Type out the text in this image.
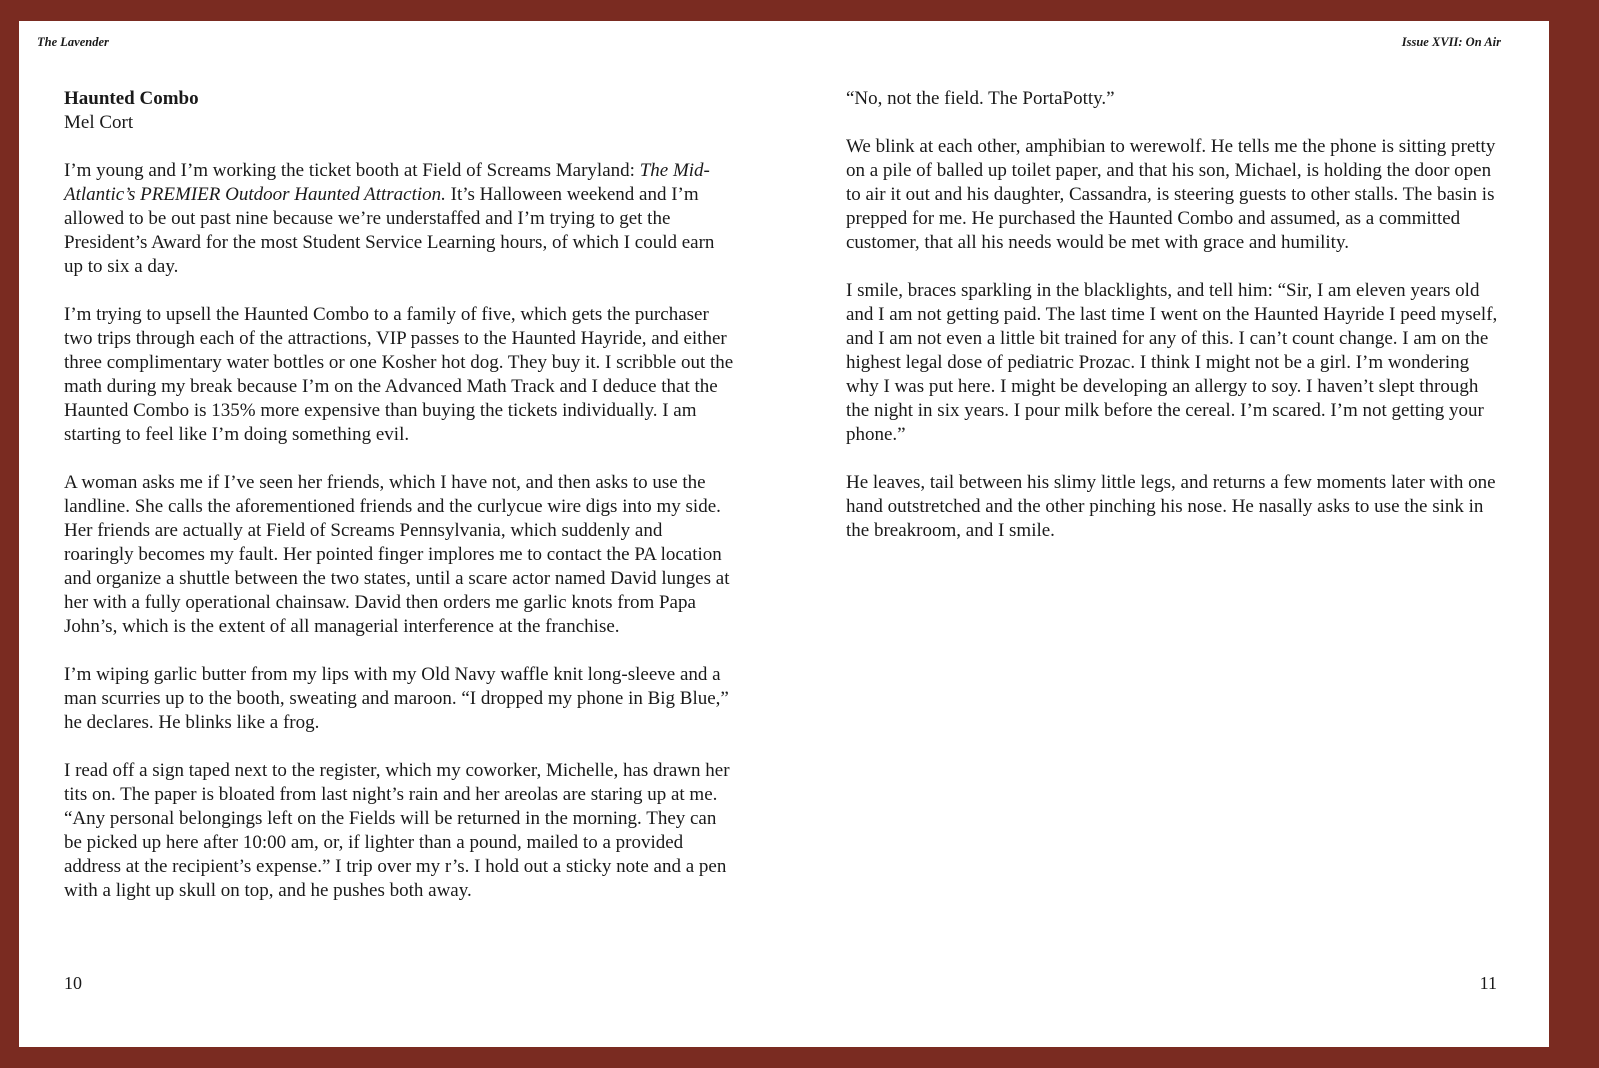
The Lavender	Issue XVII: On Air

Haunted Combo

Mel Cort

I’m young and I’m working the ticket booth at Field of Screams Maryland: The Mid-Atlantic’s PREMIER Outdoor Haunted Attraction. It’s Halloween weekend and I’m allowed to be out past nine because we’re understaffed and I’m trying to get the President’s Award for the most Student Service Learning hours, of which I could earn up to six a day.

I’m trying to upsell the Haunted Combo to a family of five, which gets the purchaser two trips through each of the attractions, VIP passes to the Haunted Hayride, and either three complimentary water bottles or one Kosher hot dog. They buy it. I scribble out the math during my break because I’m on the Advanced Math Track and I deduce that the Haunted Combo is 135% more expensive than buying the tickets individually. I am starting to feel like I’m doing something evil.

A woman asks me if I’ve seen her friends, which I have not, and then asks to use the landline. She calls the aforementioned friends and the curlycue wire digs into my side. Her friends are actually at Field of Screams Pennsylvania, which suddenly and roaringly becomes my fault. Her pointed finger implores me to contact the PA location and organize a shuttle between the two states, until a scare actor named David lunges at her with a fully operational chainsaw. David then orders me garlic knots from Papa John’s, which is the extent of all managerial interference at the franchise.

I’m wiping garlic butter from my lips with my Old Navy waffle knit long-sleeve and a man scurries up to the booth, sweating and maroon. “I dropped my phone in Big Blue,” he declares. He blinks like a frog.

I read off a sign taped next to the register, which my coworker, Michelle, has drawn her tits on. The paper is bloated from last night’s rain and her areolas are staring up at me. “Any personal belongings left on the Fields will be returned in the morning. They can be picked up here after 10:00 am, or, if lighter than a pound, mailed to a provided address at the recipient’s expense.” I trip over my r’s. I hold out a sticky note and a pen with a light up skull on top, and he pushes both away.

“No, not the field. The PortaPotty.”

We blink at each other, amphibian to werewolf. He tells me the phone is sitting pretty on a pile of balled up toilet paper, and that his son, Michael, is holding the door open to air it out and his daughter, Cassandra, is steering guests to other stalls. The basin is prepped for me. He purchased the Haunted Combo and assumed, as a committed customer, that all his needs would be met with grace and humility.

I smile, braces sparkling in the blacklights, and tell him: “Sir, I am eleven years old and I am not getting paid. The last time I went on the Haunted Hayride I peed myself, and I am not even a little bit trained for any of this. I can’t count change. I am on the highest legal dose of pediatric Prozac. I think I might not be a girl. I’m wondering why I was put here. I might be developing an allergy to soy. I haven’t slept through the night in six years. I pour milk before the cereal. I’m scared. I’m not getting your phone.”

He leaves, tail between his slimy little legs, and returns a few moments later with one hand outstretched and the other pinching his nose. He nasally asks to use the sink in the breakroom, and I smile.

10	11
